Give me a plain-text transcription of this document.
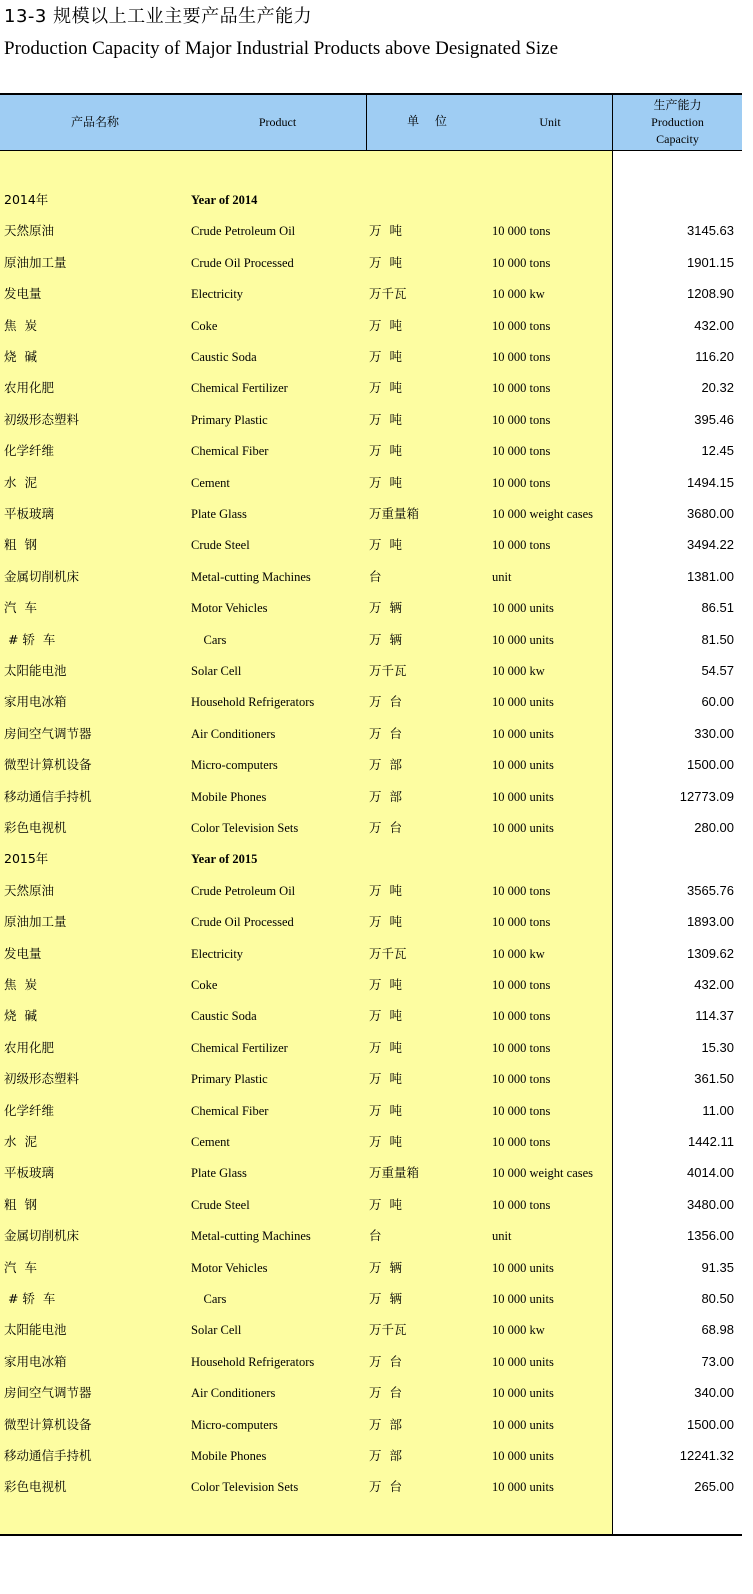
13-3 规模以上工业主要产品生产能力
Production Capacity of Major Industrial Products above Designated Size
产品名称	Product	单 位	Unit
生产能力
Production
Capacity
2014年	Year of 2014
天然原油	Crude Petroleum Oil	万  吨	10 000 tons	3145.63
原油加工量	Crude Oil Processed	万  吨	10 000 tons	1901.15
发电量	Electricity	万千瓦	10 000 kw	1208.90
焦  炭	Coke	万  吨	10 000 tons	432.00
烧  碱	Caustic Soda	万  吨	10 000 tons	116.20
农用化肥	Chemical Fertilizer	万  吨	10 000 tons	20.32
初级形态塑料	Primary Plastic	万  吨	10 000 tons	395.46
化学纤维	Chemical Fiber	万  吨	10 000 tons	12.45
水  泥	Cement	万  吨	10 000 tons	1494.15
平板玻璃	Plate Glass	万重量箱	10 000 weight cases	3680.00
粗  钢	Crude Steel	万  吨	10 000 tons	3494.22
金属切削机床	Metal-cutting Machines	台	unit	1381.00
汽  车	Motor Vehicles	万  辆	10 000 units	86.51
# 轿  车	Cars	万  辆	10 000 units	81.50
太阳能电池	Solar Cell	万千瓦	10 000 kw	54.57
家用电冰箱	Household Refrigerators	万  台	10 000 units	60.00
房间空气调节器	Air Conditioners	万  台	10 000 units	330.00
微型计算机设备	Micro-computers	万  部	10 000 units	1500.00
移动通信手持机	Mobile Phones	万  部	10 000 units	12773.09
彩色电视机	Color Television Sets	万  台	10 000 units	280.00
2015年	Year of 2015
天然原油	Crude Petroleum Oil	万  吨	10 000 tons	3565.76
原油加工量	Crude Oil Processed	万  吨	10 000 tons	1893.00
发电量	Electricity	万千瓦	10 000 kw	1309.62
焦  炭	Coke	万  吨	10 000 tons	432.00
烧  碱	Caustic Soda	万  吨	10 000 tons	114.37
农用化肥	Chemical Fertilizer	万  吨	10 000 tons	15.30
初级形态塑料	Primary Plastic	万  吨	10 000 tons	361.50
化学纤维	Chemical Fiber	万  吨	10 000 tons	11.00
水  泥	Cement	万  吨	10 000 tons	1442.11
平板玻璃	Plate Glass	万重量箱	10 000 weight cases	4014.00
粗  钢	Crude Steel	万  吨	10 000 tons	3480.00
金属切削机床	Metal-cutting Machines	台	unit	1356.00
汽  车	Motor Vehicles	万  辆	10 000 units	91.35
# 轿  车	Cars	万  辆	10 000 units	80.50
太阳能电池	Solar Cell	万千瓦	10 000 kw	68.98
家用电冰箱	Household Refrigerators	万  台	10 000 units	73.00
房间空气调节器	Air Conditioners	万  台	10 000 units	340.00
微型计算机设备	Micro-computers	万  部	10 000 units	1500.00
移动通信手持机	Mobile Phones	万  部	10 000 units	12241.32
彩色电视机	Color Television Sets	万  台	10 000 units	265.00
